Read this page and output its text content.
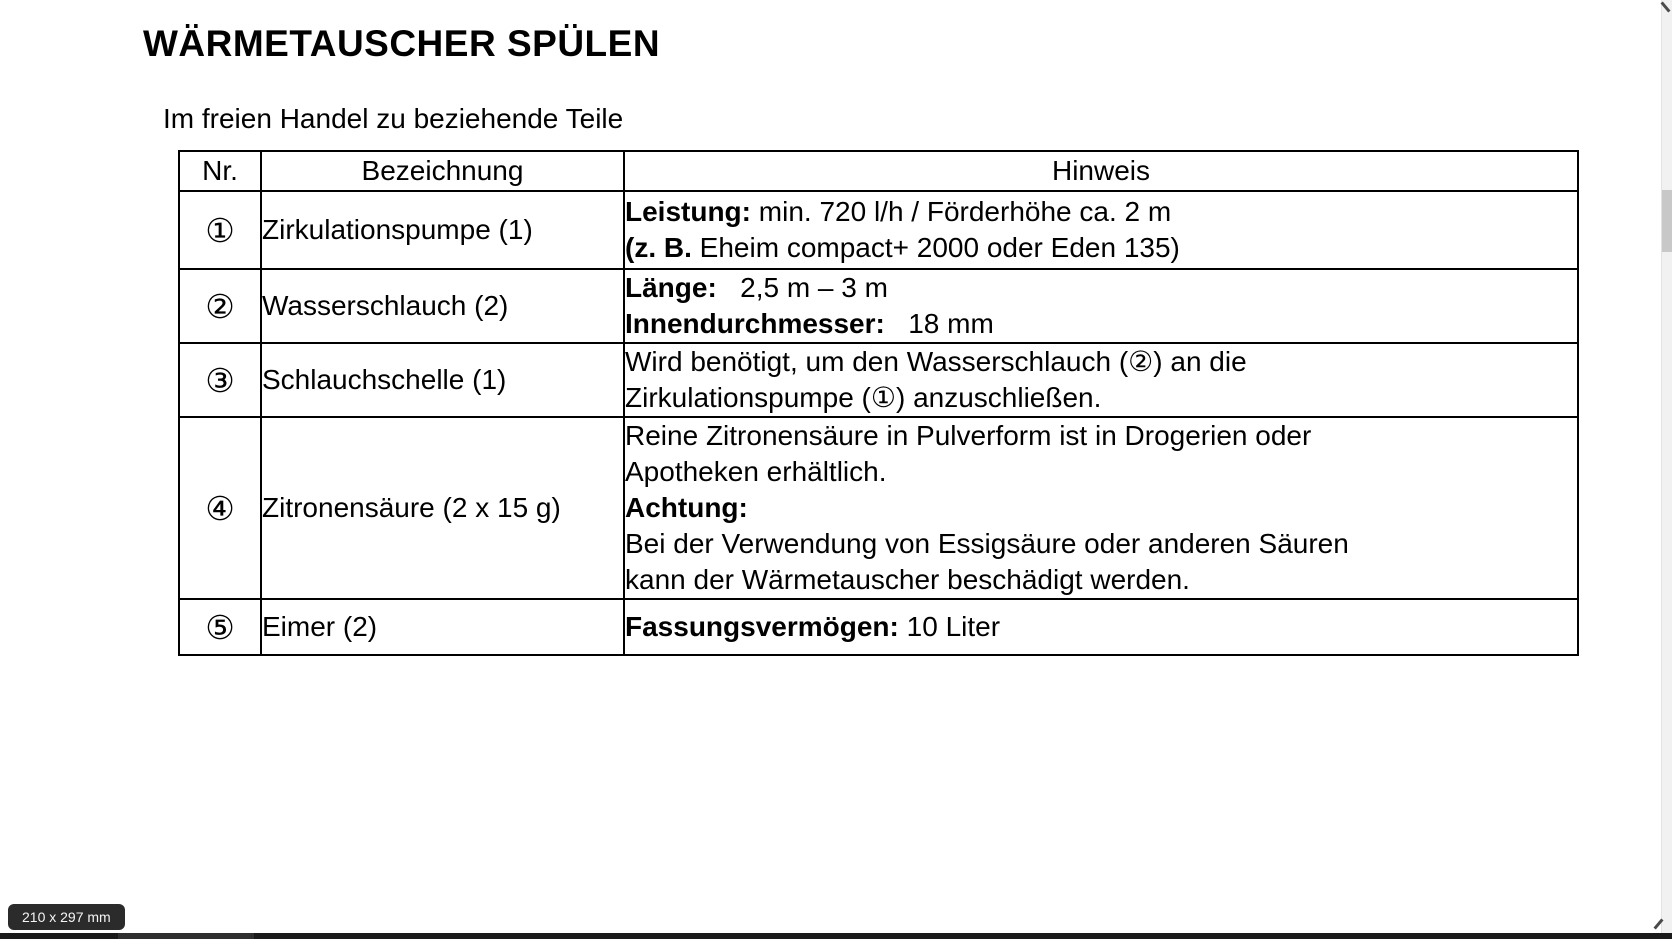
WÄRMETAUSCHER SPÜLEN
Im freien Handel zu beziehende Teile
Nr.	Bezeichnung	Hinweis
①	Zirkulationspumpe (1)	Leistung: min. 720 l/h / Förderhöhe ca. 2 m
(z. B. Eheim compact+ 2000 oder Eden 135)

②	Wasserschlauch (2)	Länge:   2,5 m – 3 m
Innendurchmesser:   18 mm

③	Schlauchschelle (1)	Wird benötigt, um den Wasserschlauch (②) an die
Zirkulationspumpe (①) anzuschließen.

④	Zitronensäure (2 x 15 g)	Reine Zitronensäure in Pulverform ist in Drogerien oder
Apotheken erhältlich.
Achtung:
Bei der Verwendung von Essigsäure oder anderen Säuren
kann der Wärmetauscher beschädigt werden.

⑤	Eimer (2)	Fassungsvermögen: 10 Liter
210 x 297 mm
